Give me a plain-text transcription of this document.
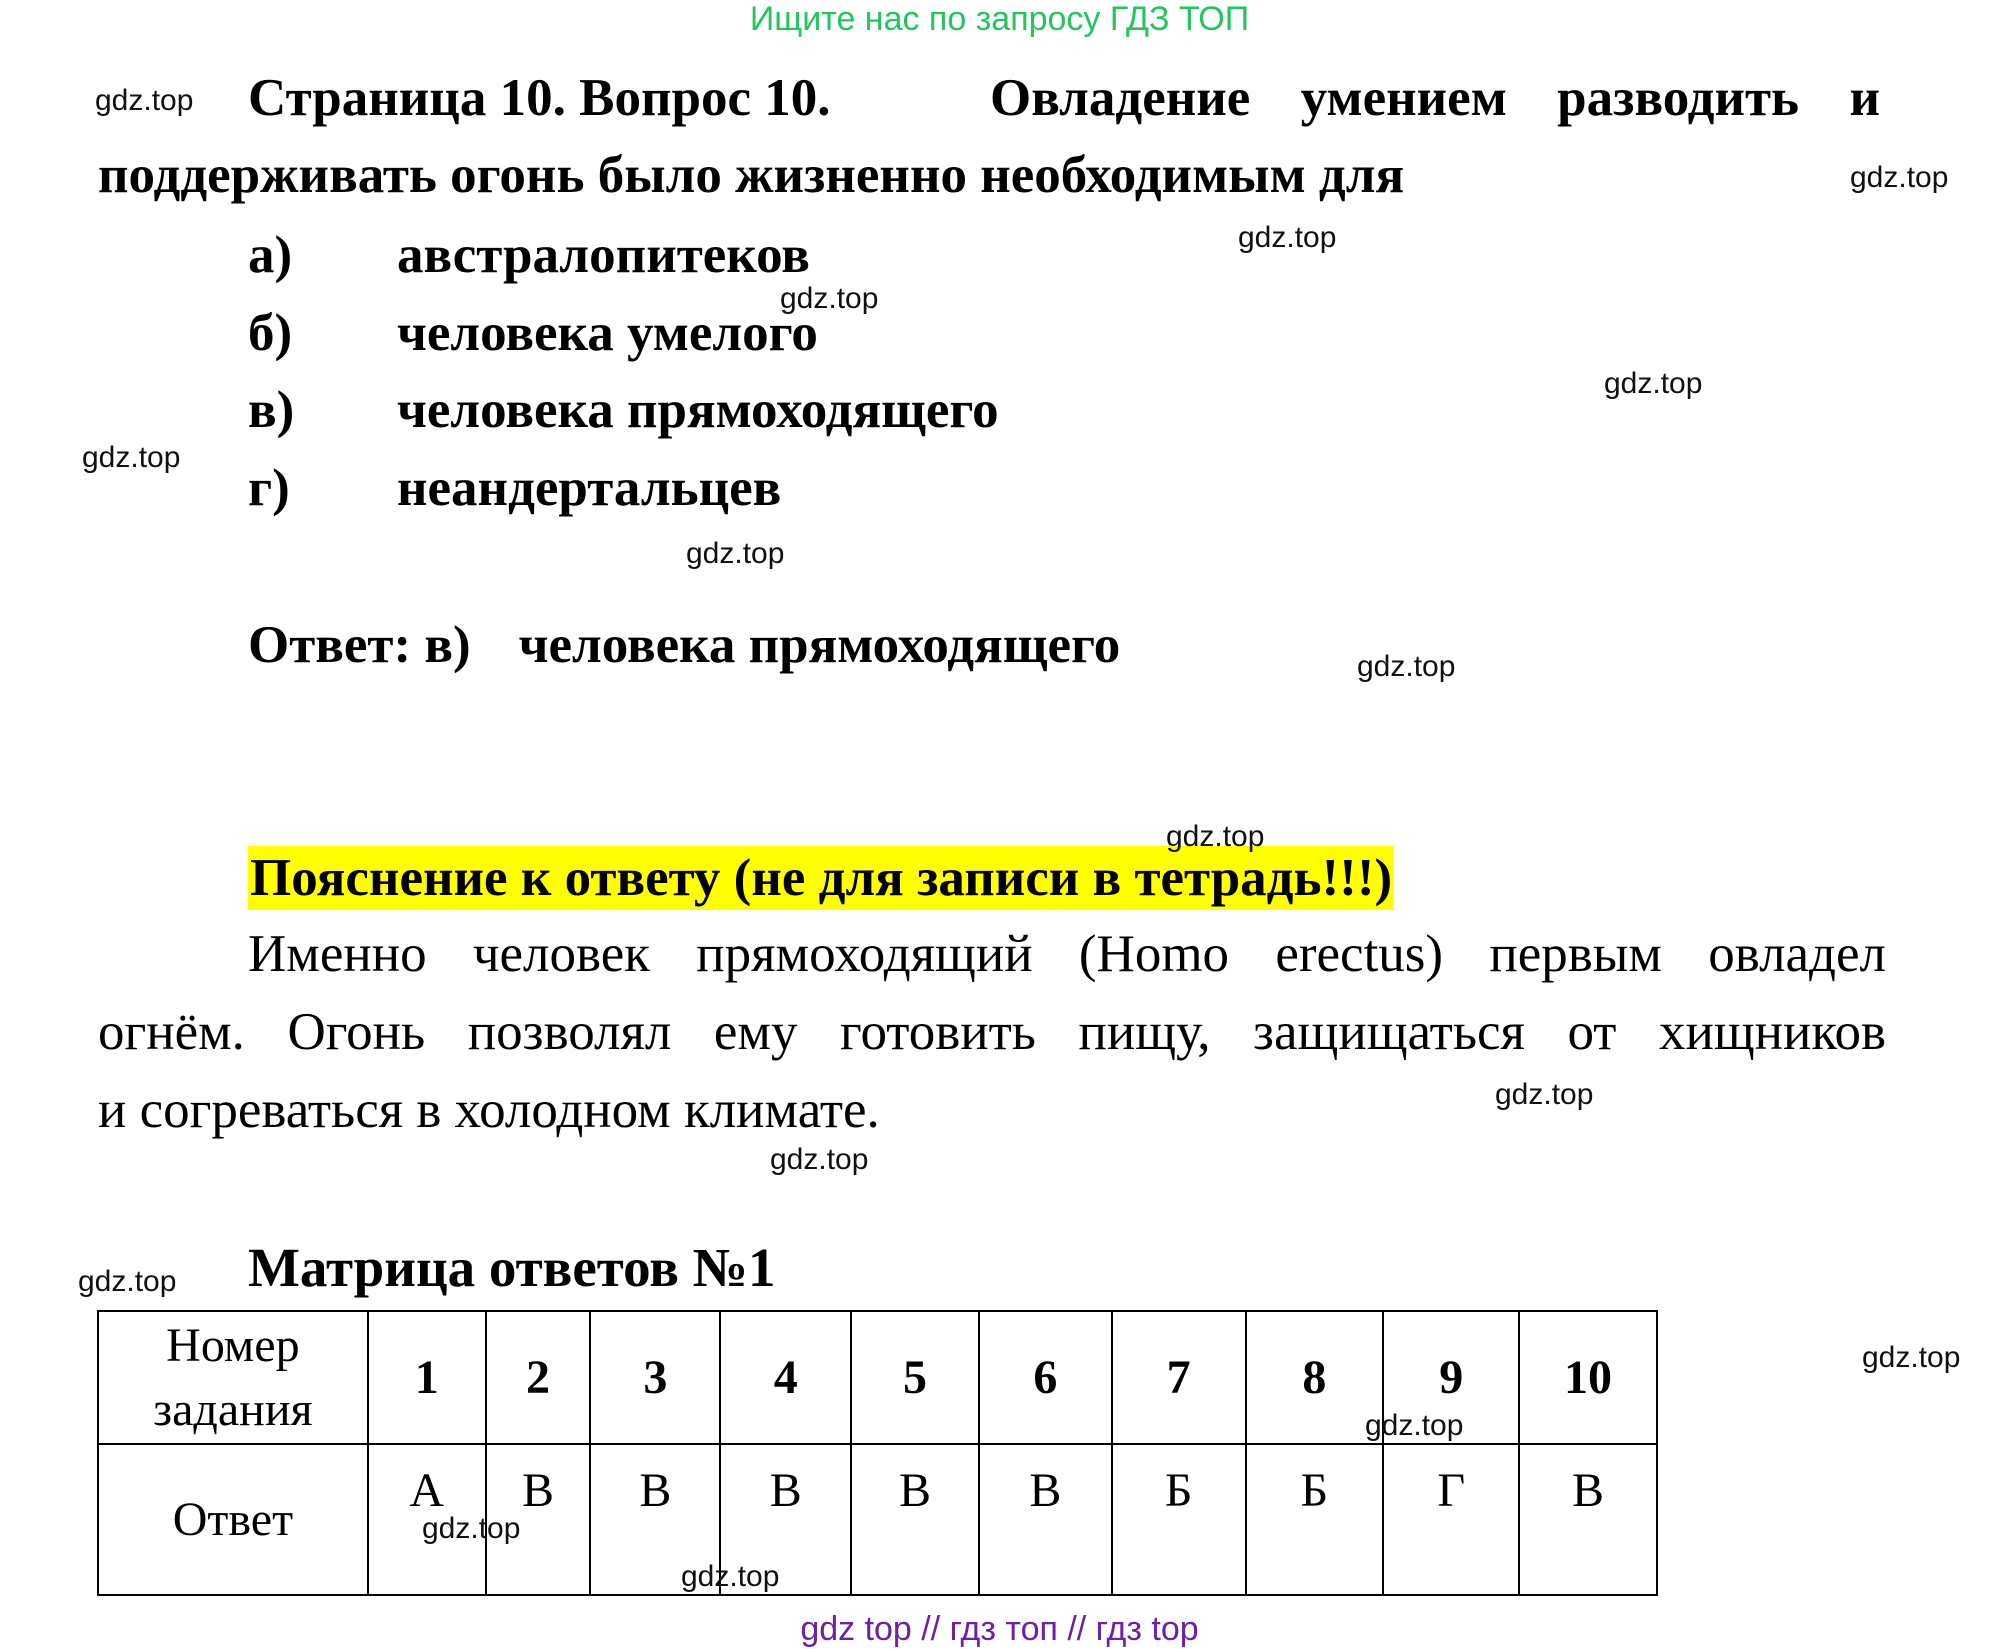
Ищите нас по запросу ГДЗ ТОП
Страница 10. Вопрос 10.	Овладение умением разводить и
поддерживать огонь было жизненно необходимым для
а) австралопитеков
б) человека умелого
в) человека прямоходящего
г) неандертальцев
Ответ: в) человека прямоходящего
Пояснение к ответу (не для записи в тетрадь!!!)
Именно человек прямоходящий (Homo erectus) первым овладел
огнём. Огонь позволял ему готовить пищу, защищаться от хищников
и согреваться в холодном климате.
Матрица ответов №1
Номер
задания	1	2	3	4	5	6	7	8	9	10
Ответ	А	В	В	В	В	В	Б	Б	Г	В
gdz.top
gdz.top
gdz.top
gdz.top
gdz.top
gdz.top
gdz.top
gdz.top
gdz.top
gdz.top
gdz.top
gdz.top
gdz.top
gdz.top
gdz.top
gdz.top
gdz top // гдз топ // гдз top
